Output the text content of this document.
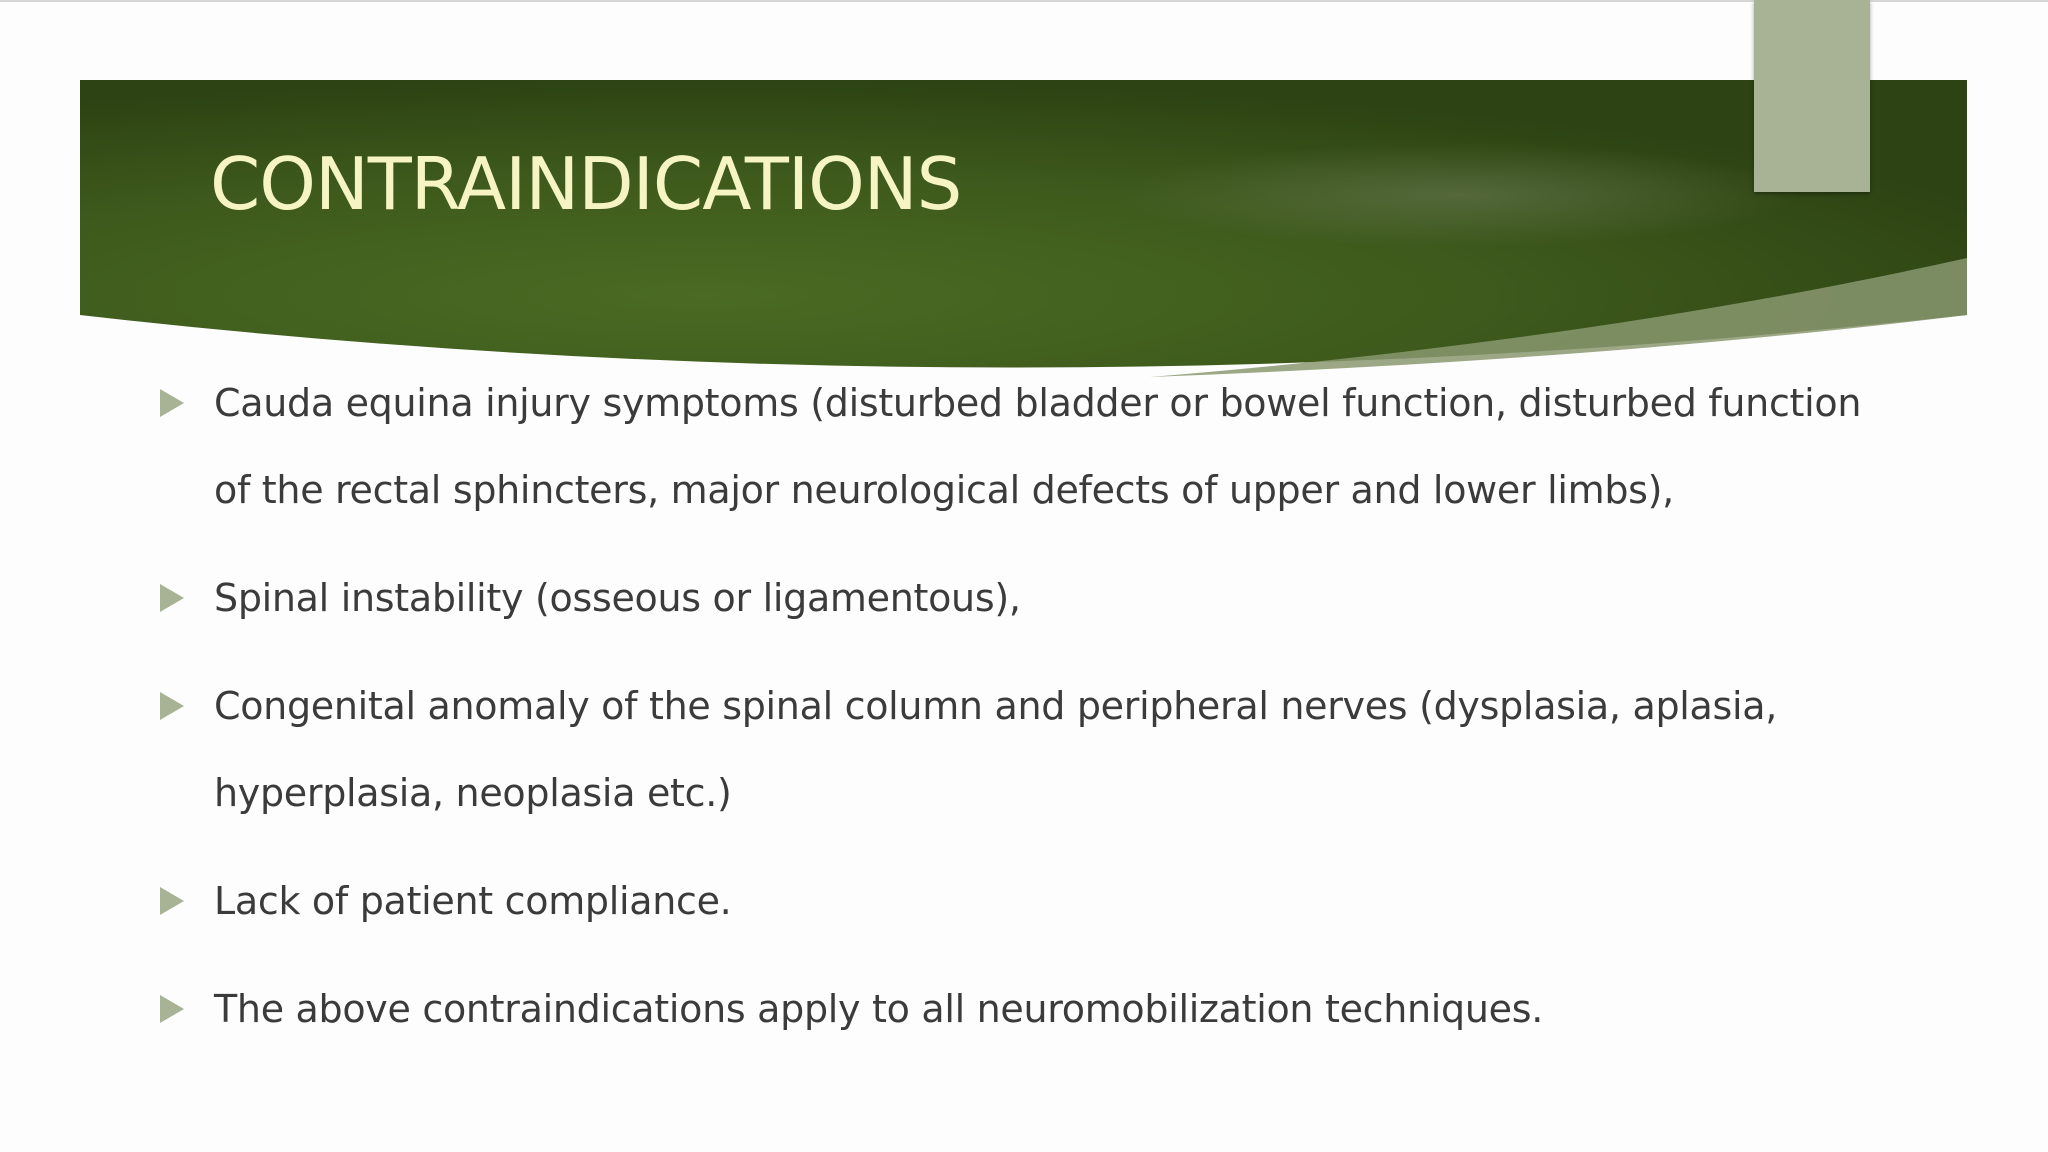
CONTRAINDICATIONS
Cauda equina injury symptoms (disturbed bladder or bowel function, disturbed function of the rectal sphincters, major neurological defects of upper and lower limbs),
Spinal instability (osseous or ligamentous),
Congenital anomaly of the spinal column and peripheral nerves (dysplasia, aplasia, hyperplasia, neoplasia etc.)
Lack of patient compliance.
The above contraindications apply to all neuromobilization techniques.
